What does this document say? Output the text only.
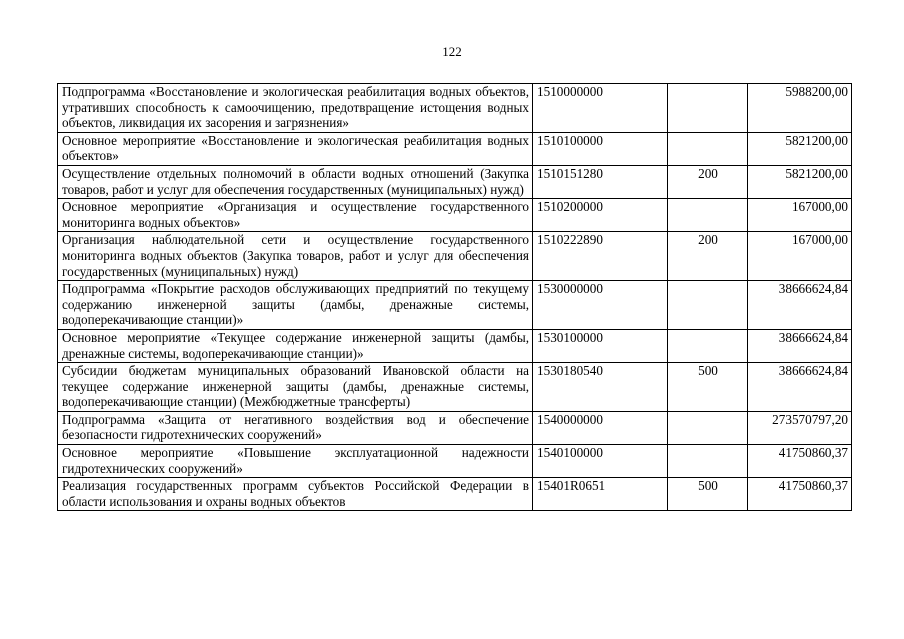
122
Подпрограмма «Восстановление и экологическая реабилитация водных объектов, утративших способность к самоочищению, предотвращение истощения водных объектов, ликвидация их засорения и загрязнения»	1510000000		5988200,00
Основное мероприятие «Восстановление и экологическая реабилитация водных объектов»	1510100000		5821200,00
Осуществление отдельных полномочий в области водных отношений (Закупка товаров, работ и услуг для обеспечения государственных (муниципальных) нужд)	1510151280	200	5821200,00
Основное мероприятие «Организация и осуществление государственного мониторинга водных объектов»	1510200000		167000,00
Организация наблюдательной сети и осуществление государственного мониторинга водных объектов (Закупка товаров, работ и услуг для обеспечения государственных (муниципальных) нужд)	1510222890	200	167000,00
Подпрограмма «Покрытие расходов обслуживающих предприятий по текущему содержанию инженерной защиты (дамбы, дренажные системы, водоперекачивающие станции)»	1530000000		38666624,84
Основное мероприятие «Текущее содержание инженерной защиты (дамбы, дренажные системы, водоперекачивающие станции)»	1530100000		38666624,84
Субсидии бюджетам муниципальных образований Ивановской области на текущее содержание инженерной защиты (дамбы, дренажные системы, водоперекачивающие станции) (Межбюджетные трансферты)	1530180540	500	38666624,84
Подпрограмма «Защита от негативного воздействия вод и обеспечение безопасности гидротехнических сооружений»	1540000000		273570797,20
Основное мероприятие «Повышение эксплуатационной надежности гидротехнических сооружений»	1540100000		41750860,37

Реализация государственных программ субъектов Российской Федерации в области использования и охраны водных объектов	15401R0651	500	41750860,37
